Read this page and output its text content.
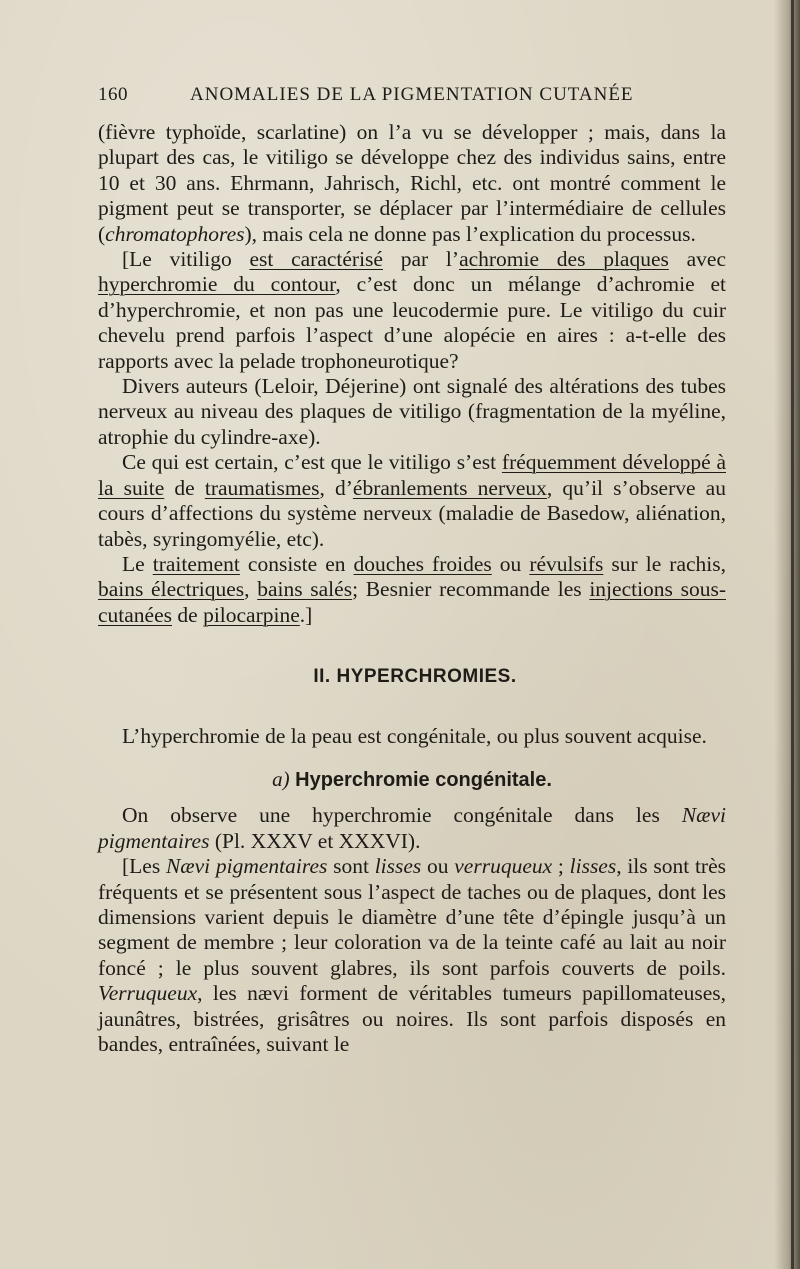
160	ANOMALIES DE LA PIGMENTATION CUTANÉE

(fièvre typhoïde, scarlatine) on l’a vu se développer ; mais, dans la plupart des cas, le vitiligo se développe chez des individus sains, entre 10 et 30 ans. Ehrmann, Jahrisch, Richl, etc. ont montré comment le pigment peut se transporter, se déplacer par l’intermédiaire de cellules (chromatophores), mais cela ne donne pas l’explication du processus.

[Le vitiligo est caractérisé par l’achromie des plaques avec hyperchromie du contour, c’est donc un mélange d’achromie et d’hyperchromie, et non pas une leucodermie pure. Le vitiligo du cuir chevelu prend parfois l’aspect d’une alopécie en aires : a-t-elle des rapports avec la pelade trophoneurotique?

Divers auteurs (Leloir, Déjerine) ont signalé des altérations des tubes nerveux au niveau des plaques de vitiligo (fragmentation de la myéline, atrophie du cylindre-axe).

Ce qui est certain, c’est que le vitiligo s’est fréquemment développé à la suite de traumatismes, d’ébranlements nerveux, qu’il s’observe au cours d’affections du système nerveux (maladie de Basedow, aliénation, tabès, syringomyélie, etc).

Le traitement consiste en douches froides ou révulsifs sur le rachis, bains électriques, bains salés; Besnier recommande les injections sous-cutanées de pilocarpine.]

II. HYPERCHROMIES.

L’hyperchromie de la peau est congénitale, ou plus souvent acquise.

a) Hyperchromie congénitale.

On observe une hyperchromie congénitale dans les Nævi pigmentaires (Pl. XXXV et XXXVI).

[Les Nævi pigmentaires sont lisses ou verruqueux ; lisses, ils sont très fréquents et se présentent sous l’aspect de taches ou de plaques, dont les dimensions varient depuis le diamètre d’une tête d’épingle jusqu’à un segment de membre ; leur coloration va de la teinte café au lait au noir foncé ; le plus souvent glabres, ils sont parfois couverts de poils. Verruqueux, les nævi forment de véritables tumeurs papillomateuses, jaunâtres, bistrées, grisâtres ou noires. Ils sont parfois disposés en bandes, entraînées, suivant le
